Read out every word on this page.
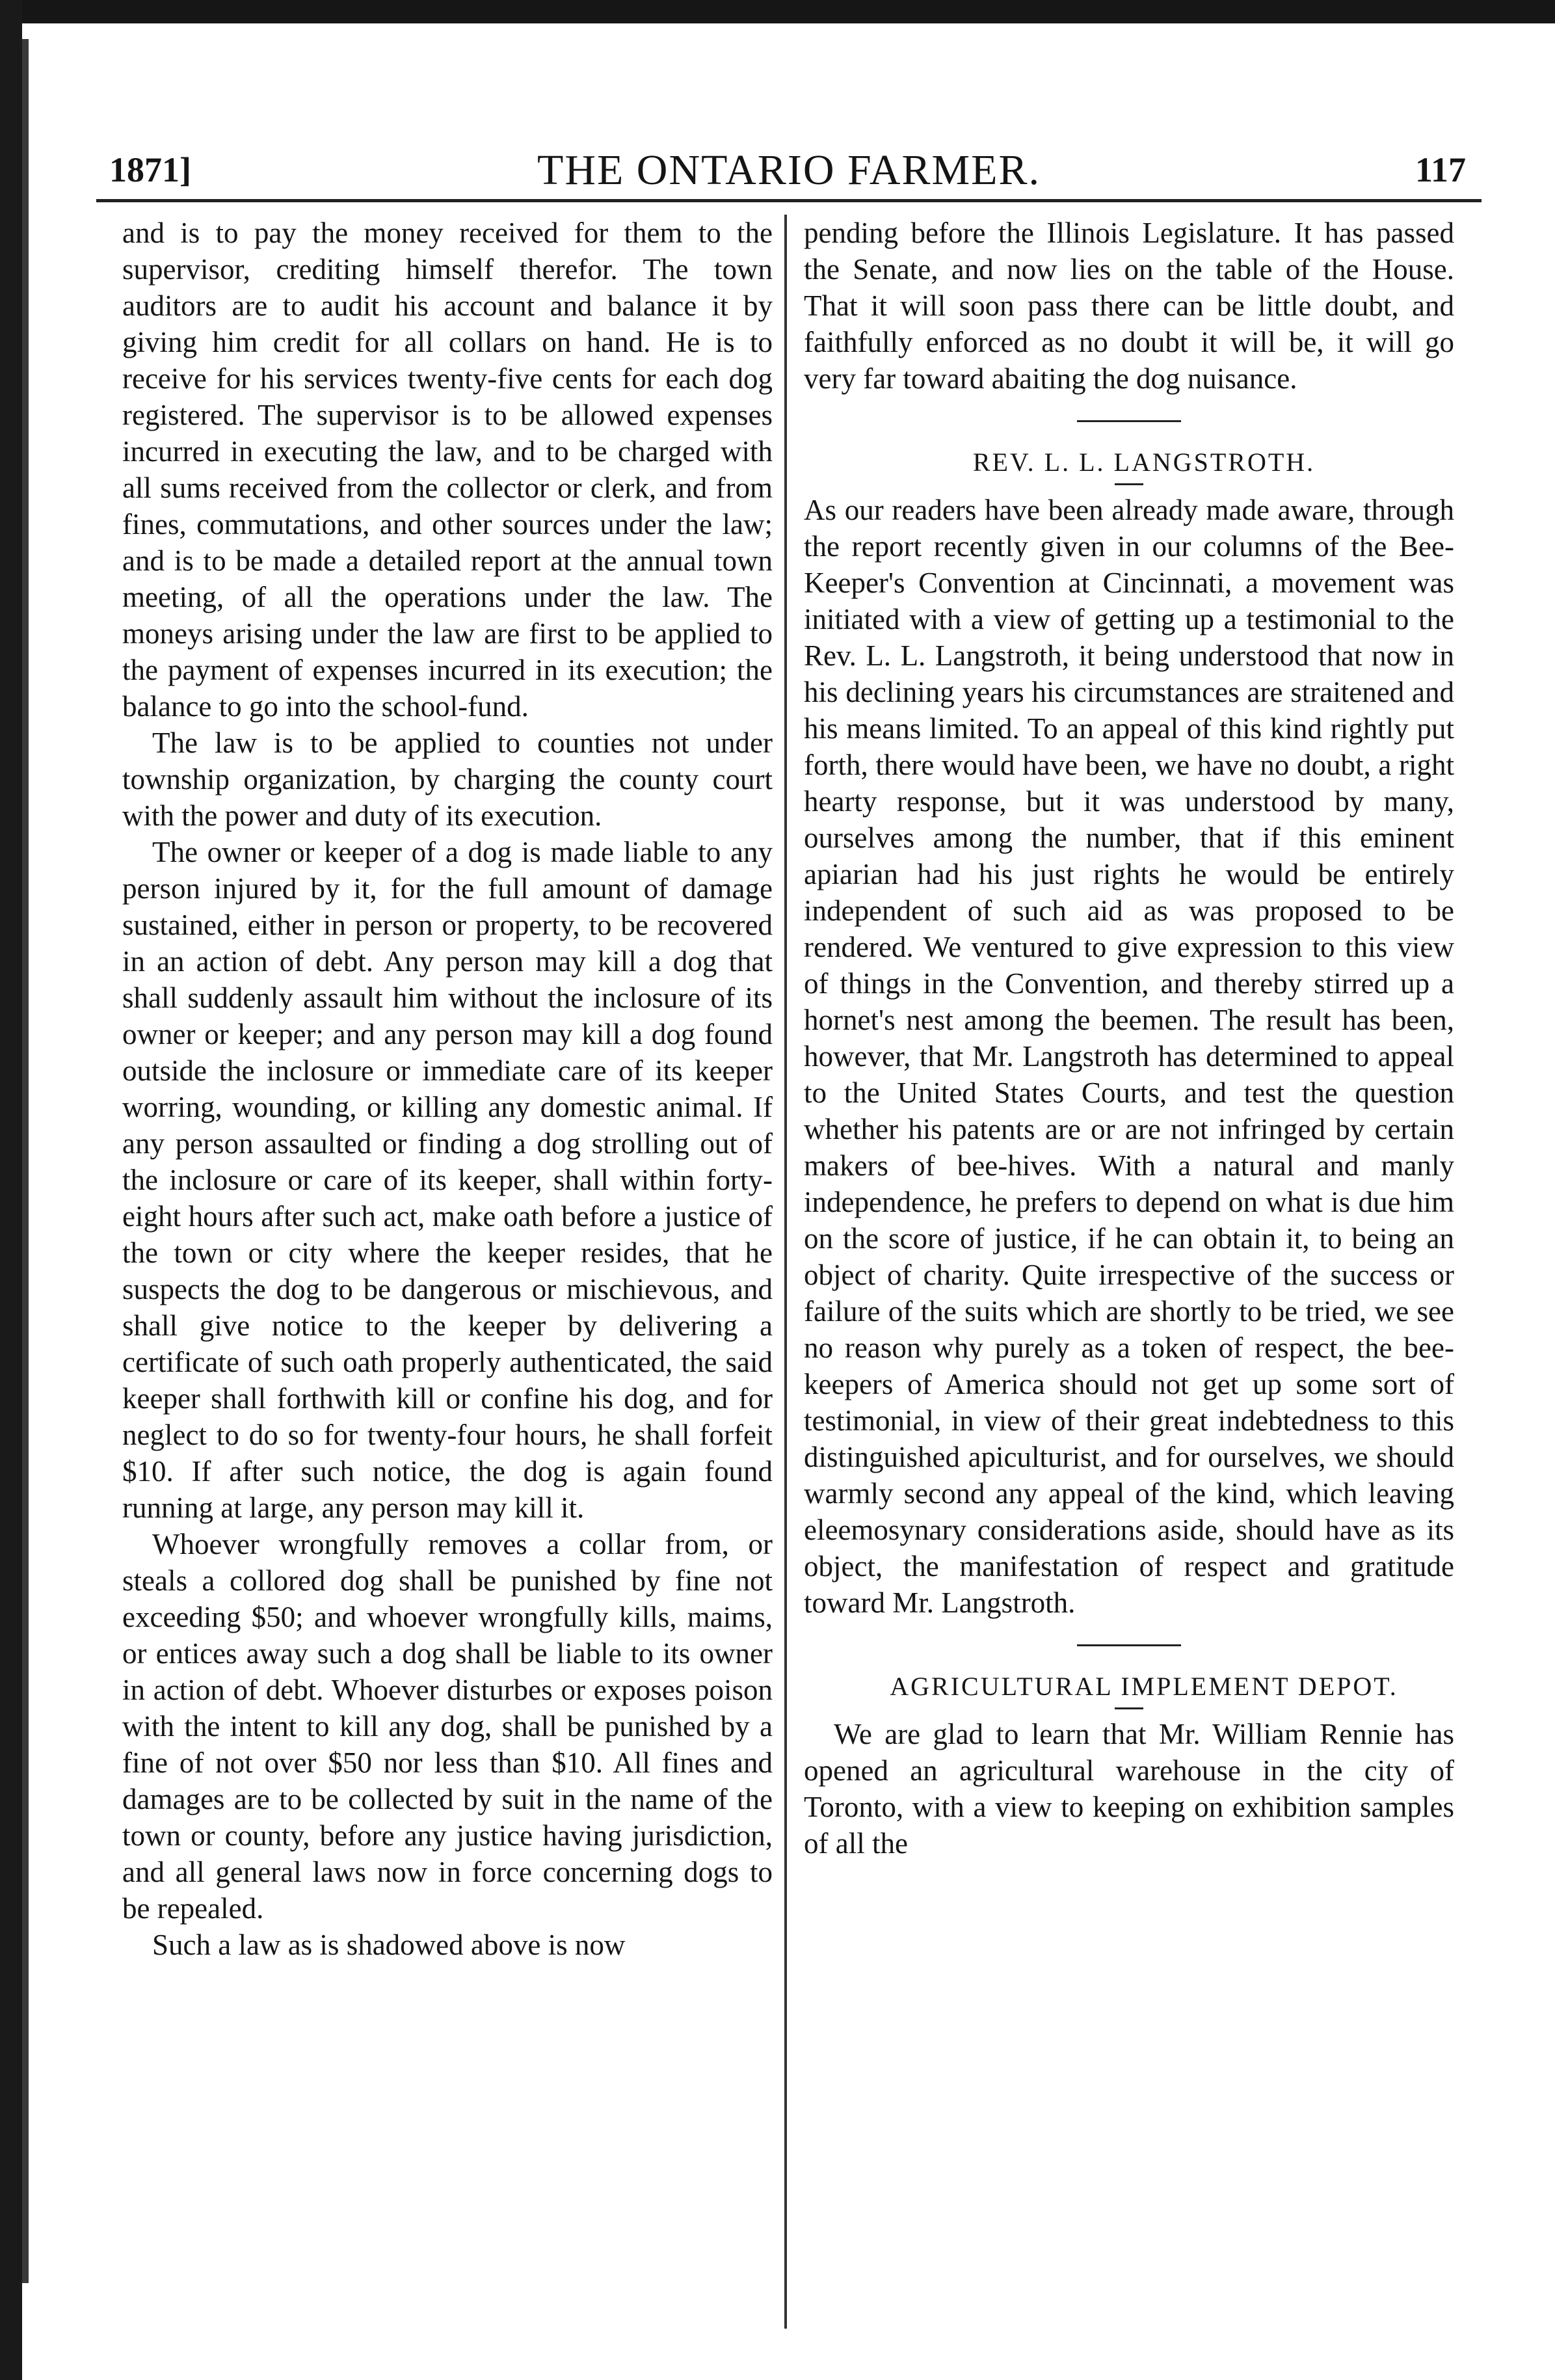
1871]	THE ONTARIO FARMER.	117

and is to pay the money received for them to the supervisor, crediting himself therefor. The town auditors are to audit his account and balance it by giving him credit for all collars on hand. He is to receive for his services twenty-five cents for each dog registered. The supervisor is to be allowed expenses incurred in executing the law, and to be charged with all sums received from the collector or clerk, and from fines, commutations, and other sources under the law; and is to be made a detailed report at the annual town meeting, of all the operations under the law. The moneys arising under the law are first to be applied to the payment of expenses incurred in its execution; the balance to go into the school-fund.

The law is to be applied to counties not under township organization, by charging the county court with the power and duty of its execution.

The owner or keeper of a dog is made liable to any person injured by it, for the full amount of damage sustained, either in person or property, to be recovered in an action of debt. Any person may kill a dog that shall suddenly assault him without the inclosure of its owner or keeper; and any person may kill a dog found outside the inclosure or immediate care of its keeper worring, wounding, or killing any domestic animal. If any person assaulted or finding a dog strolling out of the inclosure or care of its keeper, shall within forty-eight hours after such act, make oath before a justice of the town or city where the keeper resides, that he suspects the dog to be dangerous or mischievous, and shall give notice to the keeper by delivering a certificate of such oath properly authenticated, the said keeper shall forthwith kill or confine his dog, and for neglect to do so for twenty-four hours, he shall forfeit $10. If after such notice, the dog is again found running at large, any person may kill it.

Whoever wrongfully removes a collar from, or steals a collored dog shall be punished by fine not exceeding $50; and whoever wrongfully kills, maims, or entices away such a dog shall be liable to its owner in action of debt. Whoever disturbes or exposes poison with the intent to kill any dog, shall be punished by a fine of not over $50 nor less than $10. All fines and damages are to be collected by suit in the name of the town or county, before any justice having jurisdiction, and all general laws now in force concerning dogs to be repealed.

Such a law as is shadowed above is now

pending before the Illinois Legislature. It has passed the Senate, and now lies on the table of the House. That it will soon pass there can be little doubt, and faithfully enforced as no doubt it will be, it will go very far toward abaiting the dog nuisance.

REV. L. L. LANGSTROTH.

As our readers have been already made aware, through the report recently given in our columns of the Bee-Keeper's Convention at Cincinnati, a movement was initiated with a view of getting up a testimonial to the Rev. L. L. Langstroth, it being understood that now in his declining years his circumstances are straitened and his means limited. To an appeal of this kind rightly put forth, there would have been, we have no doubt, a right hearty response, but it was understood by many, ourselves among the number, that if this eminent apiarian had his just rights he would be entirely independent of such aid as was proposed to be rendered. We ventured to give expression to this view of things in the Convention, and thereby stirred up a hornet's nest among the beemen. The result has been, however, that Mr. Langstroth has determined to appeal to the United States Courts, and test the question whether his patents are or are not infringed by certain makers of bee-hives. With a natural and manly independence, he prefers to depend on what is due him on the score of justice, if he can obtain it, to being an object of charity. Quite irrespective of the success or failure of the suits which are shortly to be tried, we see no reason why purely as a token of respect, the bee-keepers of America should not get up some sort of testimonial, in view of their great indebtedness to this distinguished apiculturist, and for ourselves, we should warmly second any appeal of the kind, which leaving eleemosynary considerations aside, should have as its object, the manifestation of respect and gratitude toward Mr. Langstroth.

AGRICULTURAL IMPLEMENT DEPOT.

We are glad to learn that Mr. William Rennie has opened an agricultural warehouse in the city of Toronto, with a view to keeping on exhibition samples of all the
